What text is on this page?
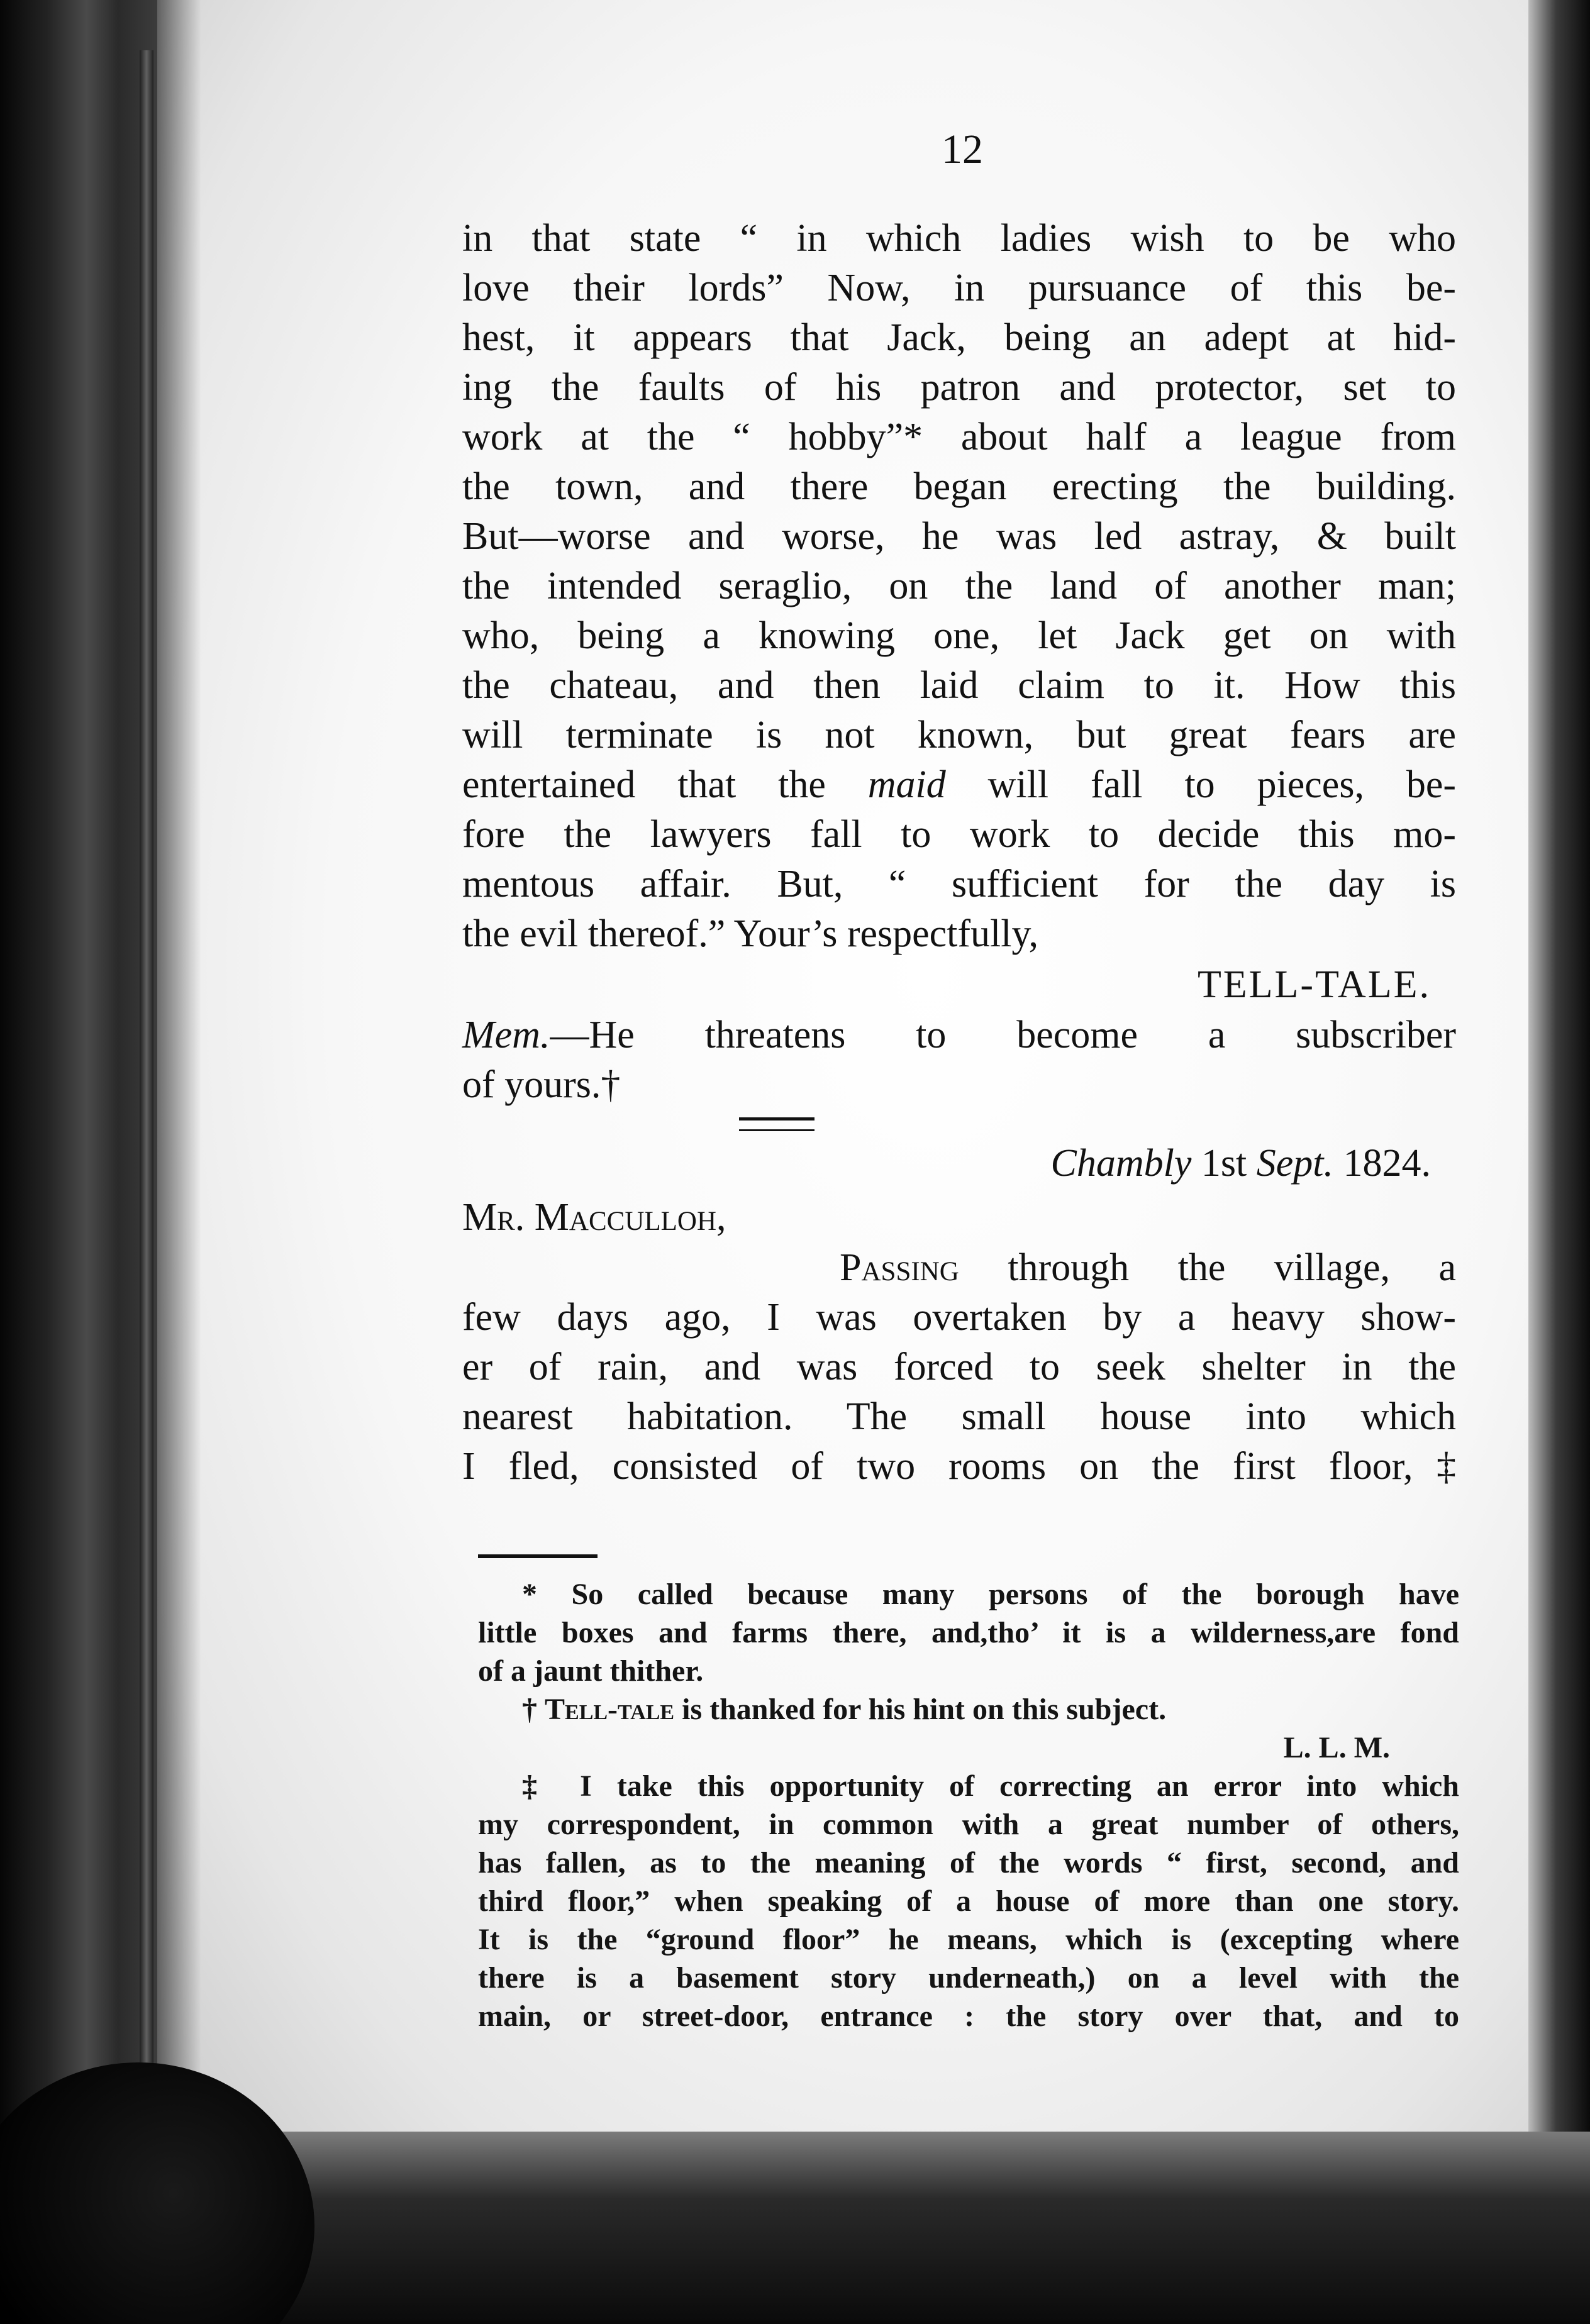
12
in that state “ in which ladies wish to be who
love their lords” Now, in pursuance of this be-
hest, it appears that Jack, being an adept at hid-
ing the faults of his patron and protector, set to
work at the “ hobby”* about half a league from
the town, and there began erecting the building.
But—worse and worse, he was led astray, & built
the intended seraglio, on the land of another man;
who, being a knowing one, let Jack get on with
the chateau, and then laid claim to it. How this
will terminate is not known, but great fears are
entertained that the maid will fall to pieces, be-
fore the lawyers fall to work to decide this mo-
mentous affair. But, “ sufficient for the day is
the evil thereof.” Your’s respectfully,
TELL-TALE.
Mem.—He threatens to become a subscriber
of yours.†
Chambly 1st Sept. 1824.
Mr. Macculloh,
Passing through the village, a
few days ago, I was overtaken by a heavy show-
er of rain, and was forced to seek shelter in the
nearest habitation. The small house into which
I fled, consisted of two rooms on the first floor,‡
* So called because many persons of the borough have
little boxes and farms there, and,tho’ it is a wilderness,are fond
of a jaunt thither.
† Tell-tale is thanked for his hint on this subject.
L. L. M.
‡ I take this opportunity of correcting an error into which
my correspondent, in common with a great number of others,
has fallen, as to the meaning of the words “ first, second, and
third floor,” when speaking of a house of more than one story.
It is the “ground floor” he means, which is (excepting where
there is a basement story underneath,) on a level with the
main, or street-door, entrance : the story over that, and to
